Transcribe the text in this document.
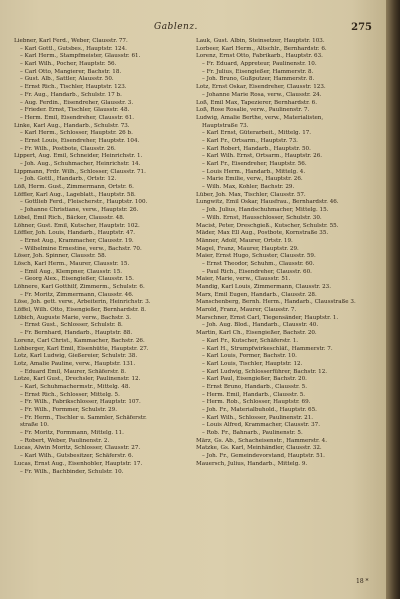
Gablenz.	275
Liebner, Karl Ferd., Weber, Clausstr. 77.
– Karl Gottl., Gutsbes., Hauptstr. 124.
– Karl Herm., Stampfmeister, Glausstr. 61.
– Karl Wilh., Pocher, Hauptstr. 56.
– Carl Otto, Mangierer, Bachstr. 18.
– Gust. Alb., Sattler, Alausstr. 50.
– Ernst Rich., Tischler, Hauptstr. 123.
– Fr. Aug., Handarb., Schulstr. 17 b.
– Aug. Ferdin., Eisendreher, Glausstr. 3.
– Frieder. Ernst, Tischler, Glausstr. 48.
– Herm. Emil, Eisendreher, Clausstr. 61.
Linke, Karl Aug., Handarb., Schulstr. 73.
– Karl Herm., Schlosser, Hauptstr. 26 b.
– Ernst Louis, Eisendreher, Hauptstr. 104.
– Fr. Wilh., Postbote, Clausstr. 26.
Lippert, Aug. Emil, Schneider, Heinrichstr. 1.
– Joh. Aug., Schuhmacher, Heinrichstr. 14.
Lippmann, Frdr. Wilh., Schlosser, Clausstr. 71.
– Joh. Gottl., Handarb., Ortstr. 12.
Löß, Herm. Gust., Zimmermann, Ortstr. 6.
Löffler, Karl Aug., Lageblatt., Hauptstr. 58.
– Gottlieb Ferd., Fleischerstr., Hauptstr. 100.
– Johanne Christiane, verw., Hauptstr. 26.
Löbel, Emil Rich., Bäcker, Clausstr. 48.
Löhner, Gust. Emil, Kutscher, Hauptstr. 102.
Löffler, Joh. Louis, Handarb., Hauptstr. 47.
– Ernst Aug., Krammacher, Clausstr. 19.
– Wilhelmine Ernestine, verw., Bachstr. 70.
Löser, Joh. Spinner, Clausstr. 58.
Lösch, Karl Herm., Maurer, Clausstr. 15.
– Emil Aug., Klempner, Clausstr. 15.
– Georg Alex., Eisengießer, Clausstr. 15.
Löhnere, Karl Gotthilf, Zimmerm., Schulstr. 6.
– Fr. Moritz, Zimmermann, Clausstr. 46.
Löse, Joh. gett. verw., Arbeiterin, Heinrichstr. 3.
Löffel, Wilh. Otto, Eisengießer, Bernhardstr. 8.
Löbich, Auguste Marie, verw., Bachstr. 3.
– Ernst Gust., Schlosser, Schulstr. 8.
– Fr. Bernhard, Handarb., Hauptstr. 88.
Lorenz, Carl Christ., Kammacher, Bachstr. 26.
Lohberger, Karl Emil, Eisenhütte, Hauptstr. 27.
Lotz, Karl Ludwig, Gießereier, Schulstr. 38.
Lotz, Amalie Pauline, verw., Hauptstr. 131.
– Eduard Emil, Maurer, Schäferstr. 8.
Lotze, Karl Gust., Drechsler, Paulinenstr. 12.
– Karl, Schuhmachermstr., Mittelg. 48.
– Ernst Rich., Schlosser, Mittelg. 5.
– Fr. Wilh., Fabrikschlosser, Hauptstr. 107.
– Fr. Wilh., Formmer, Schulstr. 29.
– Fr. Herm., Tischler u. Sammler, Schäferstr.
straße 10.
– Fr. Moritz, Formmann, Mittelg. 11.
– Robert, Weber, Paulinenstr. 2.
Lucas, Alwin Moritz, Schlosser, Clausstr. 27.
– Karl Wilh., Gutsbesitzer, Schäferstr. 6.
Lucas, Ernst Aug., Eisenhobler, Hauptstr. 17.
– Fr. Wilh., Bachbinder, Schulstr. 10.
Lauk, Gust. Albin, Steinsetzer, Hauptstr. 103.
Lorbeer, Karl Herm., Altschlr., Bernhardstr. 6.
Lorenz, Ernst Otto, Fabrikarb., Hauptstr. 63.
– Fr. Eduard, Appreteur, Paulinenstr. 10.
– Fr. Julius, Eisengießer, Hammerstr. 8.
– Joh. Bruno, Gußputzer, Hammerstr. 8.
Lotz, Ernst Oskar, Eisendreher, Clausstr. 123.
– Johanne Marie Rosa, verw., Clausstr. 24.
Loß, Emil Max, Tapezierer, Bernhardstr. 6.
Loß, Rose Rosalie, verw., Paulinenstr. 7.
Ludwig, Amalie Berthe, verw., Materialisten,
Hauptstraße 73.
– Karl Ernst, Güterarbeit., Mittelg. 17.
– Karl Fr., Ortsarm., Hauptstr. 73.
– Karl Robert, Handarb., Hauptstr. 50.
– Karl Wilh. Ernst, Ortsarm., Hauptstr. 26.
– Karl Fr., Eisendreher, Hauptstr. 56.
– Louis Herm., Handarb., Mittelg. 4.
– Marie Emilie, verw., Hauptstr. 26.
– Wilh. Max, Kohler, Bachstr. 29.
Lüber, Joh. Max, Tischler, Clausstr. 57.
Lungwitz, Emil Oskar, Hausfrau., Bernhardstr. 46.
– Joh. Julius, Handschuhmacher, Mittelg. 15.
– Wilh. Ernst, Hausschlosser, Schulstr. 30.
Macist, Peter, Dreschgieß., Kutscher, Schulstr. 55.
Mäder, Max Ell Aug., Postbote, Kornstraße 35.
Männer, Adolf, Maurer, Ortstr. 19.
Magel, Franz, Maurer, Hauptstr. 29.
Maier, Ernst Hugo, Schuster, Clausstr. 59.
– Ernst Theodor, Schuhm., Clausstr. 60.
– Paul Rich., Eisendreher, Clausstr. 60.
Maier, Marie, verw., Clausstr. 51.
Mandig, Karl Louis, Zimmermann, Clausstr. 23.
Marx, Emil Eugen, Handarb., Clausstr. 28.
Manschenberg, Bernh. Herm., Handarb., Clausstraße 3.
Marold, Franz, Maurer, Clausstr. 7.
Marschner, Ernst Carl, Tiegensänder, Hauptstr. 1.
– Joh. Aug. Blod., Handarb., Clausstr. 40.
Martin, Karl Ch., Eisengießer, Bachstr. 20.
– Karl Fr., Kutscher, Schäferstr. 1.
– Karl H., Strumpfwirkeschläf., Hammerstr. 7.
– Karl Louis, Former, Bachstr. 10.
– Karl Louis, Tischler, Hauptstr. 12.
– Karl Ludwig, Schlosserführer, Bachstr. 12.
– Karl Paul, Eisengießer, Bachstr. 20.
– Ernst Bruno, Handarb., Clausstr. 5.
– Herm. Emil, Handarb., Clausstr. 5.
– Herm. Rob., Schlosser, Hauptstr. 69.
– Joh. Fr., Materialbuhold., Hauptstr. 65.
– Karl Wilh., Schlosser, Paulinenstr. 21.
– Louis Alfred, Krammacher, Clausstr. 37.
– Rob. Fr., Bahnarb., Paulinenstr. 5.
März, Gs. Ab., Schacheisenstr., Hammerstr. 4.
Matzke, Gs. Karl, Meinhändler, Clausstr. 32.
– Joh. Fr., Gemeindevorstand, Hauptstr. 51.
Mauersch, Julius, Handarb., Mittelg. 9.
18 *
